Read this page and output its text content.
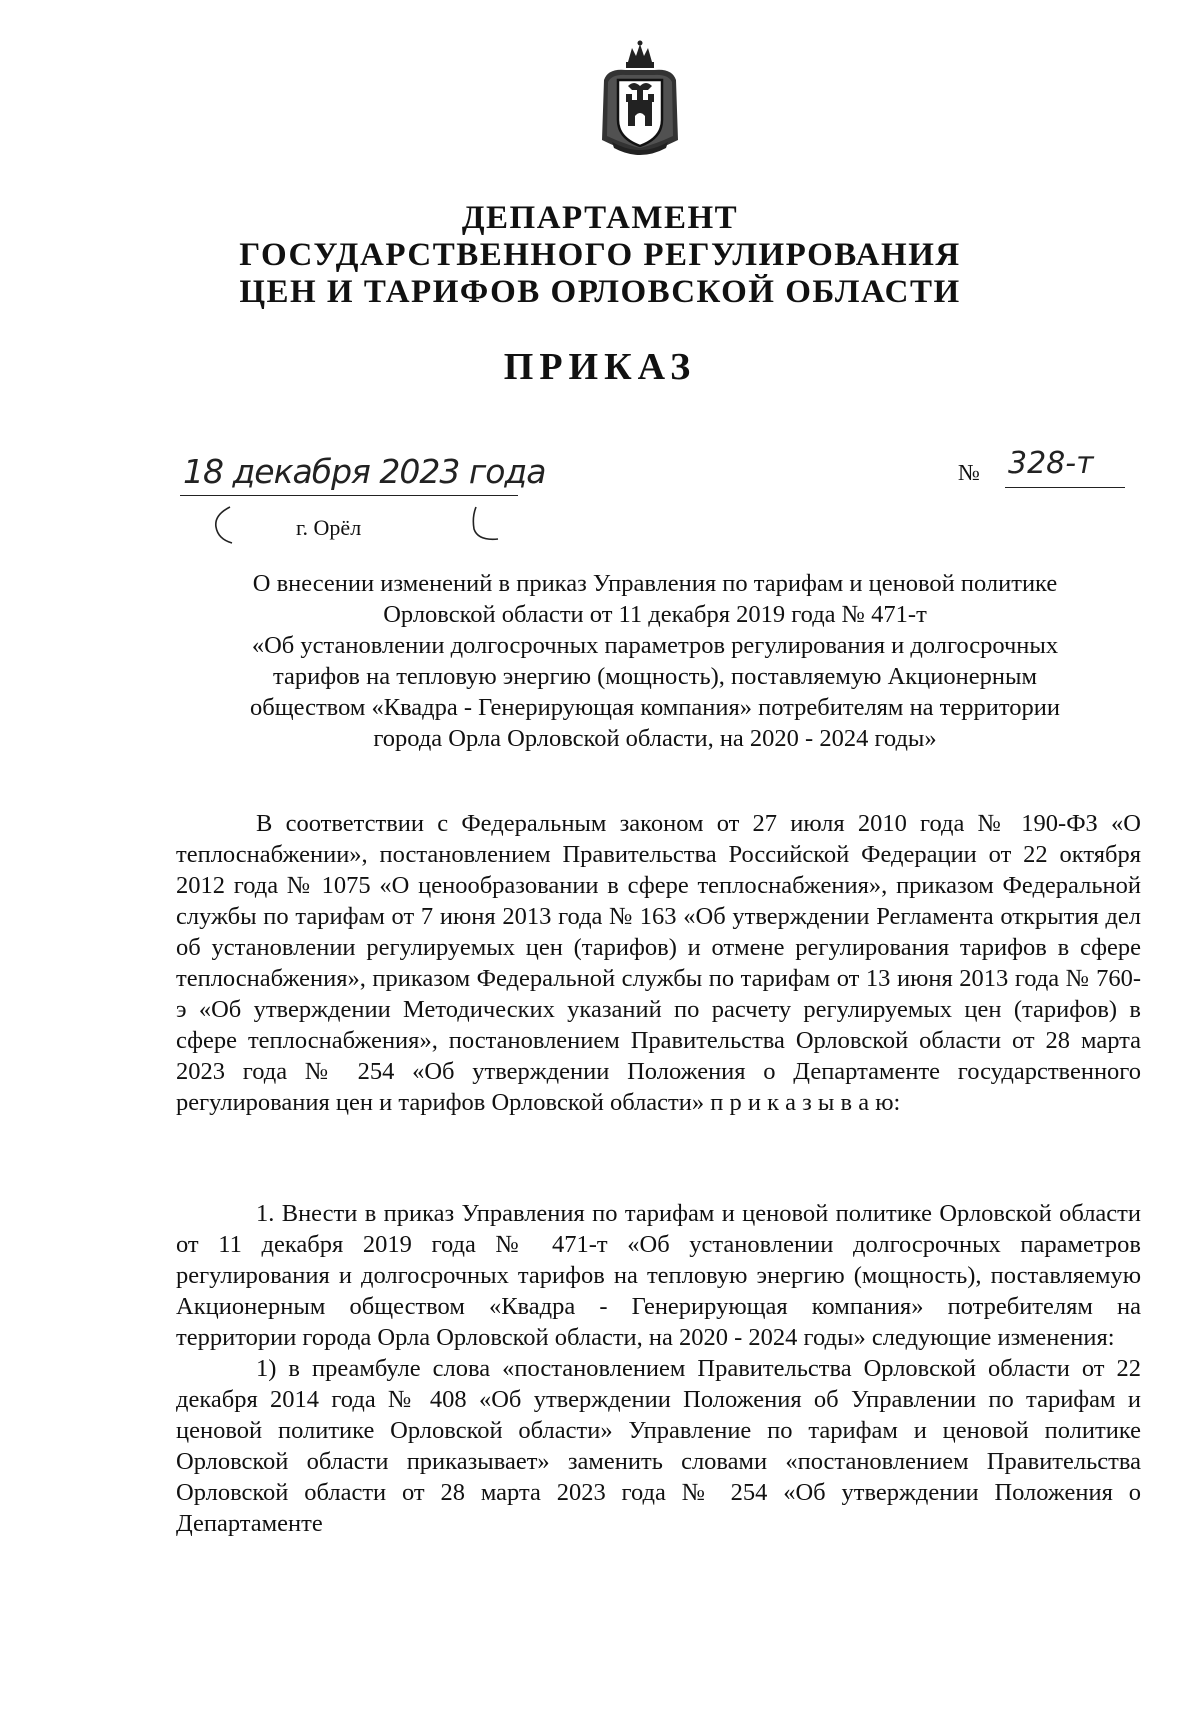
ДЕПАРТАМЕНТ
ГОСУДАРСТВЕННОГО РЕГУЛИРОВАНИЯ
ЦЕН И ТАРИФОВ ОРЛОВСКОЙ ОБЛАСТИ
ПРИКАЗ
18 декабря 2023 года	№ 328-т
г. Орёл
О внесении изменений в приказ Управления по тарифам и ценовой политике
Орловской области от 11 декабря 2019 года № 471-т
«Об установлении долгосрочных параметров регулирования и долгосрочных
тарифов на тепловую энергию (мощность), поставляемую Акционерным
обществом «Квадра - Генерирующая компания» потребителям на территории
города Орла Орловской области, на 2020 - 2024 годы»
В соответствии с Федеральным законом от 27 июля 2010 года № 190-ФЗ «О теплоснабжении», постановлением Правительства Российской Федерации от 22 октября 2012 года № 1075 «О ценообразовании в сфере теплоснабжения», приказом Федеральной службы по тарифам от 7 июня 2013 года № 163 «Об утверждении Регламента открытия дел об установлении регулируемых цен (тарифов) и отмене регулирования тарифов в сфере теплоснабжения», приказом Федеральной службы по тарифам от 13 июня 2013 года № 760-э «Об утверждении Методических указаний по расчету регулируемых цен (тарифов) в сфере теплоснабжения», постановлением Правительства Орловской области от 28 марта 2023 года № 254 «Об утверждении Положения о Департаменте государственного регулирования цен и тарифов Орловской области» п р и к а з ы в а ю:
1. Внести в приказ Управления по тарифам и ценовой политике Орловской области от 11 декабря 2019 года № 471-т «Об установлении долгосрочных параметров регулирования и долгосрочных тарифов на тепловую энергию (мощность), поставляемую Акционерным обществом «Квадра - Генерирующая компания» потребителям на территории города Орла Орловской области, на 2020 - 2024 годы» следующие изменения:
1) в преамбуле слова «постановлением Правительства Орловской области от 22 декабря 2014 года № 408 «Об утверждении Положения об Управлении по тарифам и ценовой политике Орловской области» Управление по тарифам и ценовой политике Орловской области приказывает» заменить словами «постановлением Правительства Орловской области от 28 марта 2023 года № 254 «Об утверждении Положения о Департаменте
